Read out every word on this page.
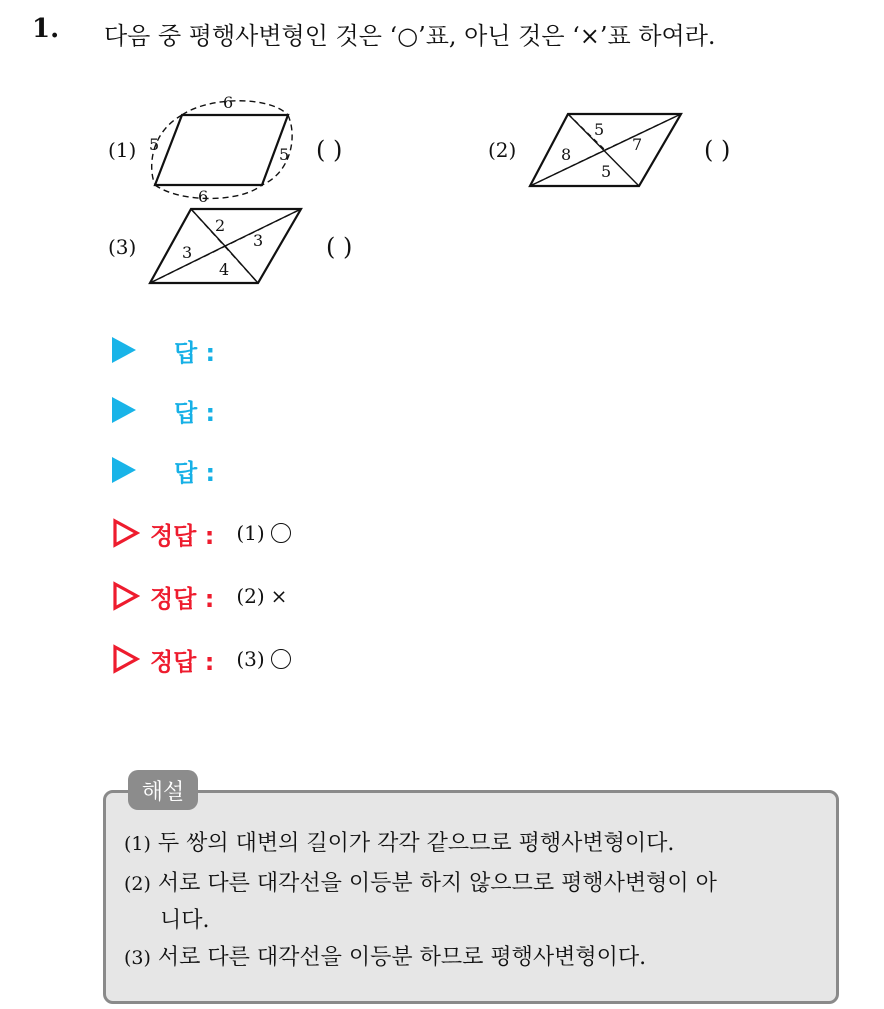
1. 다음 중 평행사변형인 것은 ‘○’표, 아닌 것은 ‘×’표 하여라.
(1)
6
5
5
6
( )	(2)
5
8
7
5
( )
(3)
2
3
3
4
( )
답 :
답 :
답 :
정답 : (1)
정답 : (2) ×
정답 : (3)
해설
(1) 두 쌍의 대변의 길이가 각각 같으므로 평행사변형이다.
(2) 서로 다른 대각선을 이등분 하지 않으므로 평행사변형이 아
니다.
(3) 서로 다른 대각선을 이등분 하므로 평행사변형이다.
